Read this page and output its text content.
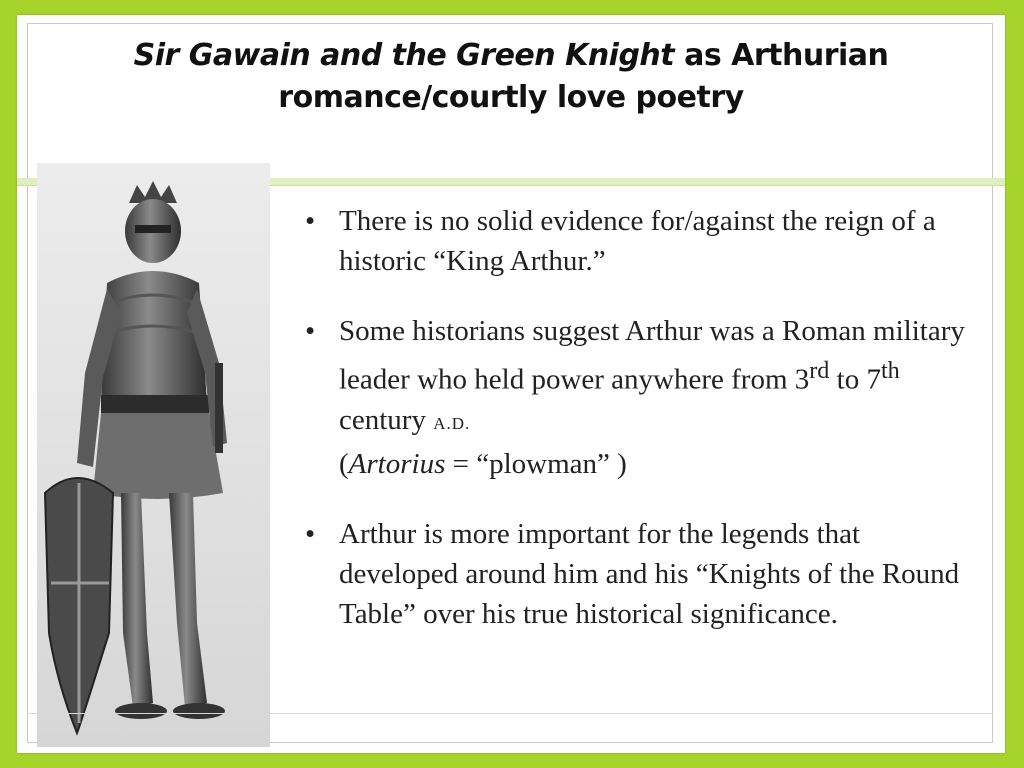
Sir Gawain and the Green Knight as Arthurian
romance/courtly love poetry
• There is no solid evidence for/against the reign of a historic “King Arthur.”
• Some historians suggest Arthur was a Roman military leader who held power anywhere from 3rd to 7th century A.D.
(Artorius = “plowman” )
• Arthur is more important for the legends that developed around him and his “Knights of the Round Table” over his true historical significance.
